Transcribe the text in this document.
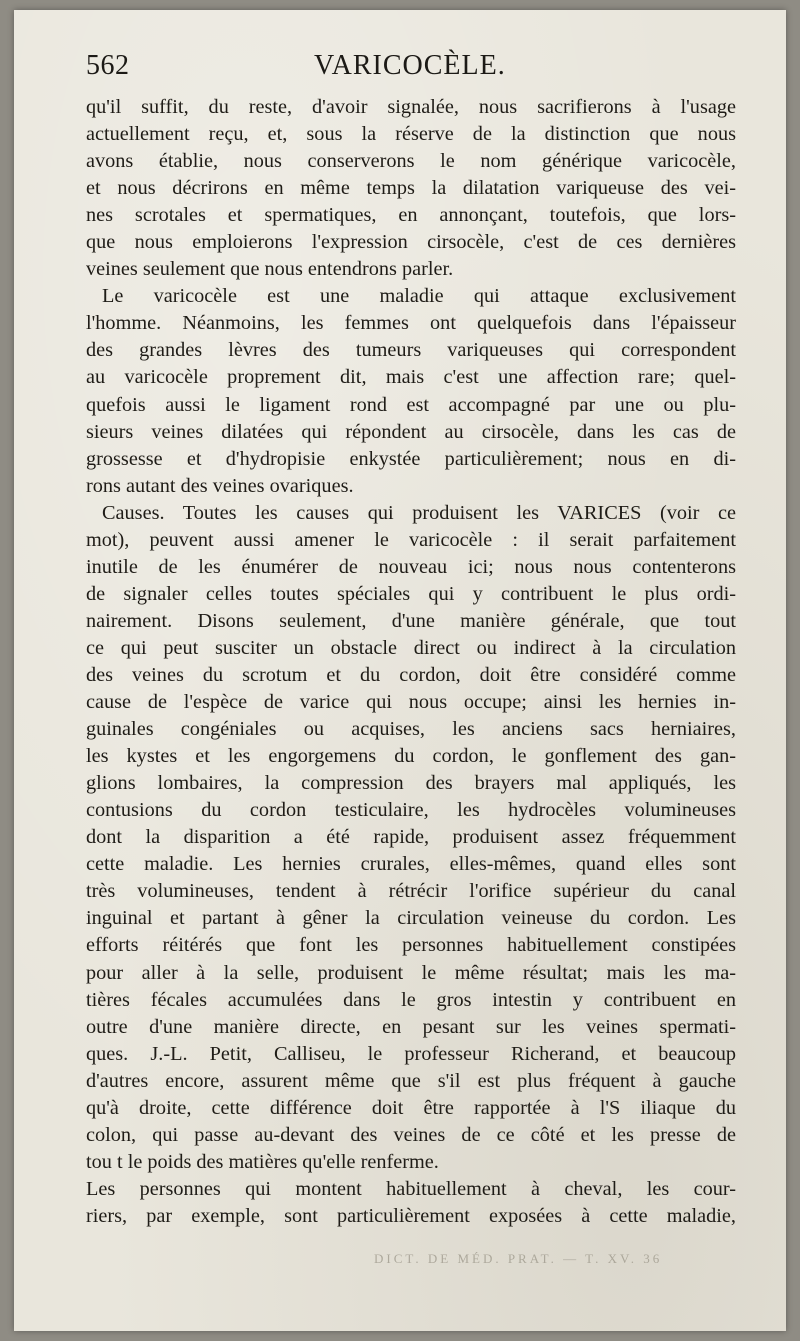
562	VARICOCÈLE.
qu'il suffit, du reste, d'avoir signalée, nous sacrifierons à l'usage
actuellement reçu, et, sous la réserve de la distinction que nous
avons établie, nous conserverons le nom générique varicocèle,
et nous décrirons en même temps la dilatation variqueuse des vei-
nes scrotales et spermatiques, en annonçant, toutefois, que lors-
que nous emploierons l'expression cirsocèle, c'est de ces dernières
veines seulement que nous entendrons parler.
Le varicocèle est une maladie qui attaque exclusivement
l'homme. Néanmoins, les femmes ont quelquefois dans l'épaisseur
des grandes lèvres des tumeurs variqueuses qui correspondent
au varicocèle proprement dit, mais c'est une affection rare; quel-
quefois aussi le ligament rond est accompagné par une ou plu-
sieurs veines dilatées qui répondent au cirsocèle, dans les cas de
grossesse et d'hydropisie enkystée particulièrement; nous en di-
rons autant des veines ovariques.
Causes. Toutes les causes qui produisent les VARICES (voir ce
mot), peuvent aussi amener le varicocèle : il serait parfaitement
inutile de les énumérer de nouveau ici; nous nous contenterons
de signaler celles toutes spéciales qui y contribuent le plus ordi-
nairement. Disons seulement, d'une manière générale, que tout
ce qui peut susciter un obstacle direct ou indirect à la circulation
des veines du scrotum et du cordon, doit être considéré comme
cause de l'espèce de varice qui nous occupe; ainsi les hernies in-
guinales congéniales ou acquises, les anciens sacs herniaires,
les kystes et les engorgemens du cordon, le gonflement des gan-
glions lombaires, la compression des brayers mal appliqués, les
contusions du cordon testiculaire, les hydrocèles volumineuses
dont la disparition a été rapide, produisent assez fréquemment
cette maladie. Les hernies crurales, elles-mêmes, quand elles sont
très volumineuses, tendent à rétrécir l'orifice supérieur du canal
inguinal et partant à gêner la circulation veineuse du cordon. Les
efforts réitérés que font les personnes habituellement constipées
pour aller à la selle, produisent le même résultat; mais les ma-
tières fécales accumulées dans le gros intestin y contribuent en
outre d'une manière directe, en pesant sur les veines spermati-
ques. J.-L. Petit, Calliseu, le professeur Richerand, et beaucoup
d'autres encore, assurent même que s'il est plus fréquent à gauche
qu'à droite, cette différence doit être rapportée à l'S iliaque du
colon, qui passe au-devant des veines de ce côté et les presse de
tou t le poids des matières qu'elle renferme.
Les personnes qui montent habituellement à cheval, les cour-
riers, par exemple, sont particulièrement exposées à cette maladie,
DICT. DE MÉD. PRAT. — T. XV. 36
